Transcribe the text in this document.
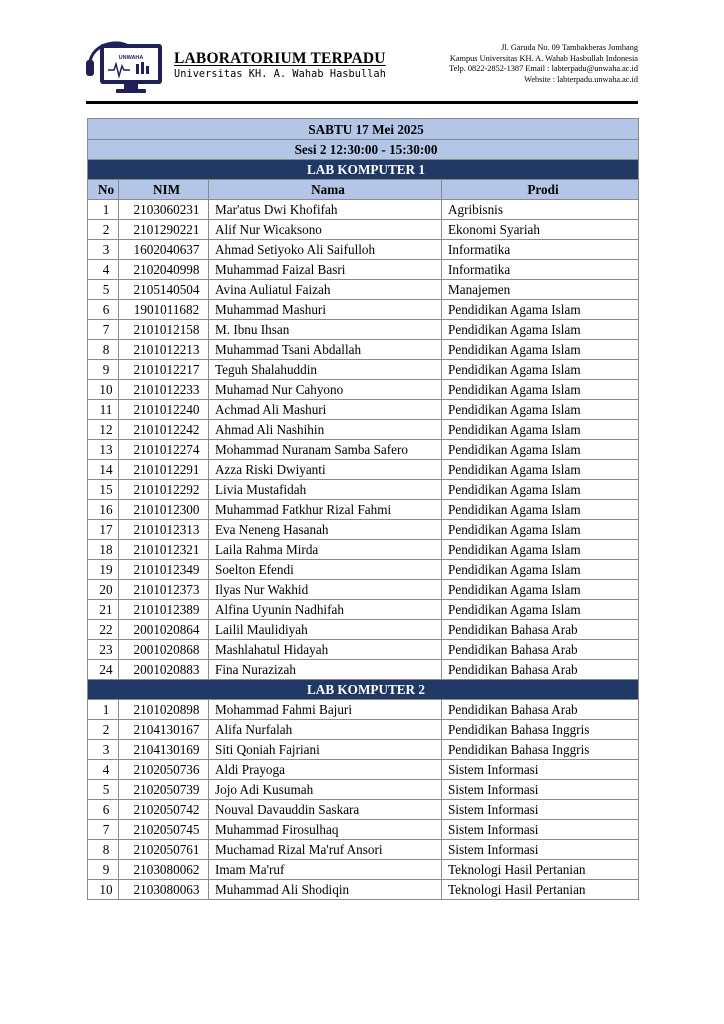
UNWAHA LABORATORIUM TERPADU
Universitas KH. A. Wahab Hasbullah
Jl. Garuda No. 09 Tambakberas Jombang
Kampus Universitas KH. A. Wahab Hasbullah Indonesia
Telp. 0822-2852-1387 Email : labterpadu@unwaha.ac.id
Website : labterpadu.unwaha.ac.id
SABTU 17 Mei 2025			
Sesi 2 12:30:00 - 15:30:00			
LAB KOMPUTER 1			
No	NIM	Nama	Prodi
1	2103060231	Mar'atus Dwi Khofifah	Agribisnis
2	2101290221	Alif Nur Wicaksono	Ekonomi Syariah
3	1602040637	Ahmad Setiyoko Ali Saifulloh	Informatika
4	2102040998	Muhammad Faizal Basri	Informatika
5	2105140504	Avina Auliatul Faizah	Manajemen
6	1901011682	Muhammad Mashuri	Pendidikan Agama Islam
7	2101012158	M. Ibnu Ihsan	Pendidikan Agama Islam
8	2101012213	Muhammad Tsani Abdallah	Pendidikan Agama Islam
9	2101012217	Teguh Shalahuddin	Pendidikan Agama Islam
10	2101012233	Muhamad Nur Cahyono	Pendidikan Agama Islam
11	2101012240	Achmad Ali Mashuri	Pendidikan Agama Islam
12	2101012242	Ahmad Ali Nashihin	Pendidikan Agama Islam
13	2101012274	Mohammad Nuranam Samba Safero	Pendidikan Agama Islam
14	2101012291	Azza Riski Dwiyanti	Pendidikan Agama Islam
15	2101012292	Livia Mustafidah	Pendidikan Agama Islam
16	2101012300	Muhammad Fatkhur Rizal Fahmi	Pendidikan Agama Islam
17	2101012313	Eva Neneng Hasanah	Pendidikan Agama Islam
18	2101012321	Laila Rahma Mirda	Pendidikan Agama Islam
19	2101012349	Soelton Efendi	Pendidikan Agama Islam
20	2101012373	Ilyas Nur Wakhid	Pendidikan Agama Islam
21	2101012389	Alfina Uyunin Nadhifah	Pendidikan Agama Islam
22	2001020864	Lailil Maulidiyah	Pendidikan Bahasa Arab
23	2001020868	Mashlahatul Hidayah	Pendidikan Bahasa Arab
24	2001020883	Fina Nurazizah	Pendidikan Bahasa Arab
LAB KOMPUTER 2			
1	2101020898	Mohammad Fahmi Bajuri	Pendidikan Bahasa Arab
2	2104130167	Alifa Nurfalah	Pendidikan Bahasa Inggris
3	2104130169	Siti Qoniah Fajriani	Pendidikan Bahasa Inggris
4	2102050736	Aldi Prayoga	Sistem Informasi
5	2102050739	Jojo Adi Kusumah	Sistem Informasi
6	2102050742	Nouval Davauddin Saskara	Sistem Informasi
7	2102050745	Muhammad Firosulhaq	Sistem Informasi
8	2102050761	Muchamad Rizal Ma'ruf Ansori	Sistem Informasi
9	2103080062	Imam Ma'ruf	Teknologi Hasil Pertanian
10	2103080063	Muhammad Ali Shodiqin	Teknologi Hasil Pertanian
